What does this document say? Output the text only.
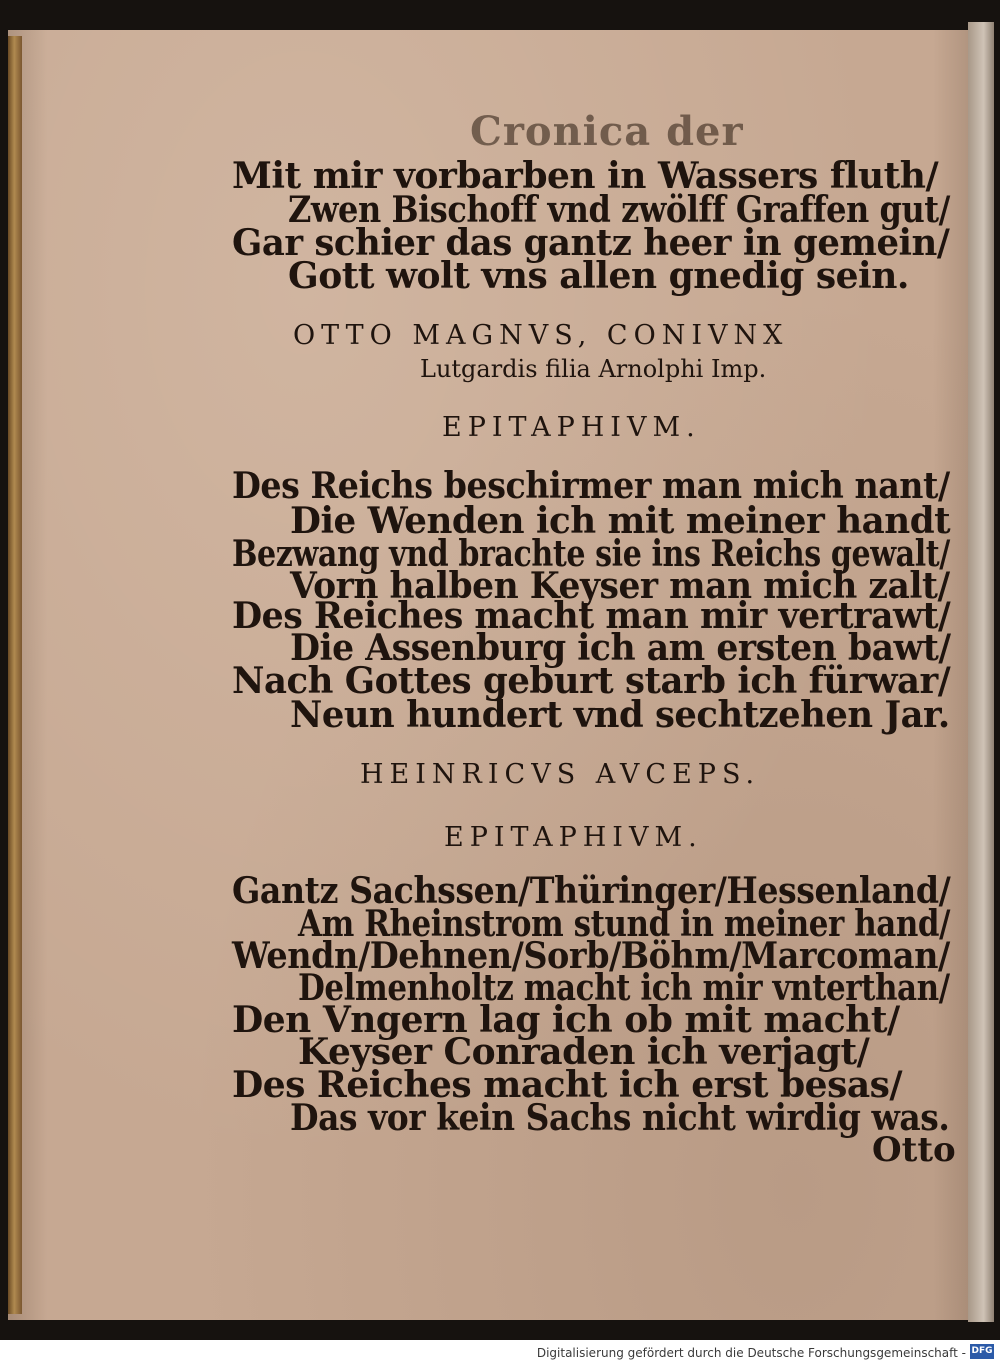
Cronica der
Mit mir vorbarben in Wassers fluth/
Zwen Bischoff vnd zwölff Graffen gut/
Gar schier das gantz heer in gemein/
Gott wolt vns allen gnedig sein.
OTTO MAGNVS, CONIVNX
Lutgardis filia Arnolphi Imp.
EPITAPHIVM.
Des Reichs beschirmer man mich nant/
Die Wenden ich mit meiner handt
Bezwang vnd brachte sie ins Reichs gewalt/
Vorn halben Keyser man mich zalt/
Des Reiches macht man mir vertrawt/
Die Assenburg ich am ersten bawt/
Nach Gottes geburt starb ich fürwar/
Neun hundert vnd sechtzehen Jar.
HEINRICVS AVCEPS.
EPITAPHIVM.
Gantz Sachssen/Thüringer/Hessenland/
Am Rheinstrom stund in meiner hand/
Wendn/Dehnen/Sorb/Böhm/Marcoman/
Delmenholtz macht ich mir vnterthan/
Den Vngern lag ich ob mit macht/
Keyser Conraden ich verjagt/
Des Reiches macht ich erst besas/
Das vor kein Sachs nicht wirdig was.
Otto
Digitalisierung gefördert durch die Deutsche Forschungsgemeinschaft - DFG
